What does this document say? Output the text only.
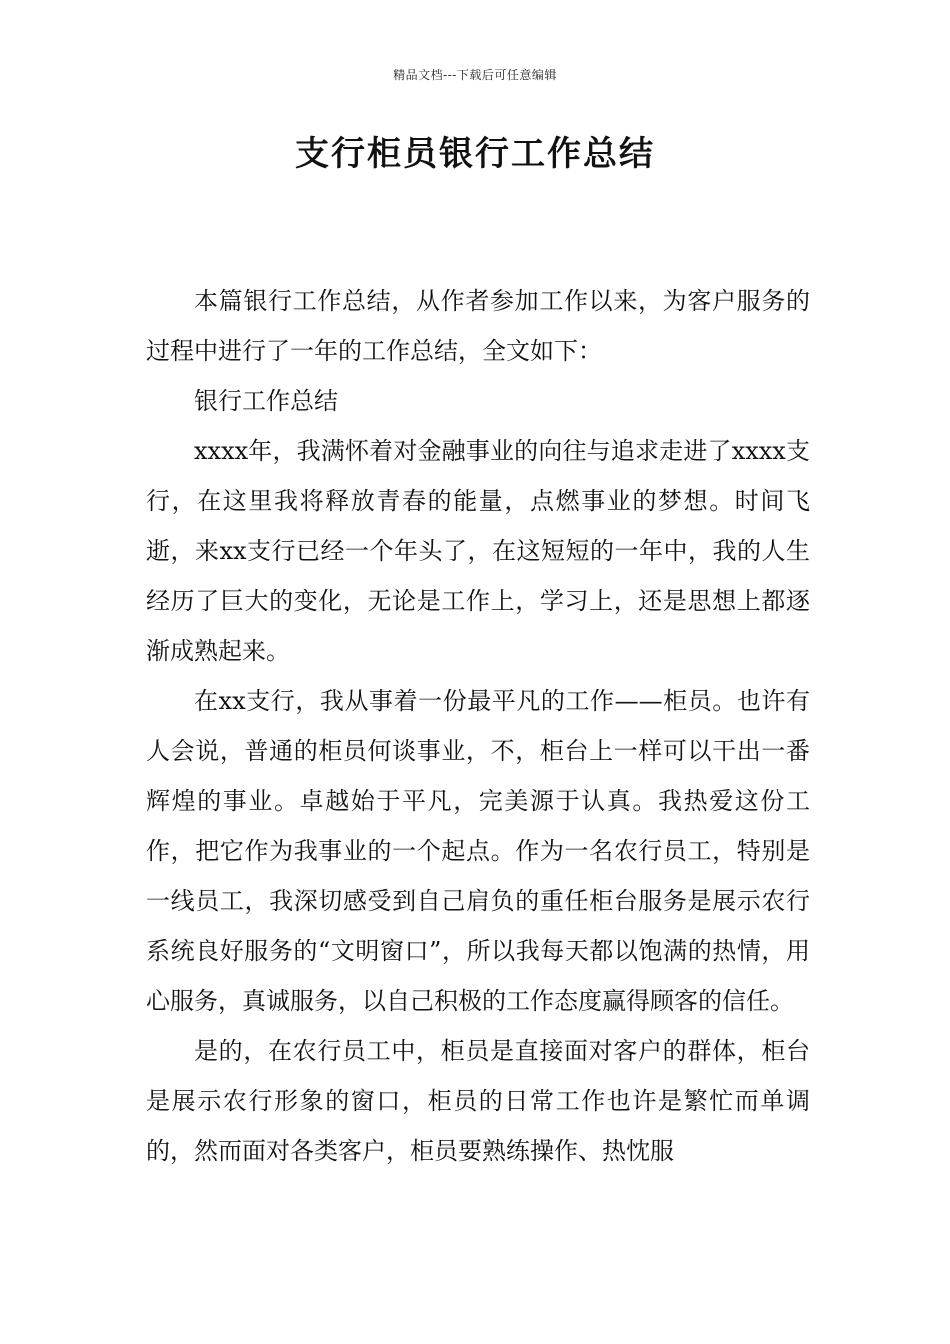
精品文档---下载后可任意编辑
支行柜员银行工作总结

本篇银行工作总结，从作者参加工作以来，为客户服务的过程中进行了一年的工作总结，全文如下：

银行工作总结

xxxx年，我满怀着对金融事业的向往与追求走进了xxxx支行，在这里我将释放青春的能量，点燃事业的梦想。时间飞逝，来xx支行已经一个年头了，在这短短的一年中，我的人生经历了巨大的变化，无论是工作上，学习上，还是思想上都逐渐成熟起来。

在xx支行，我从事着一份最平凡的工作——柜员。也许有人会说，普通的柜员何谈事业，不，柜台上一样可以干出一番辉煌的事业。卓越始于平凡，完美源于认真。我热爱这份工作，把它作为我事业的一个起点。作为一名农行员工，特别是一线员工，我深切感受到自己肩负的重任柜台服务是展示农行系统良好服务的“文明窗口”，所以我每天都以饱满的热情，用心服务，真诚服务，以自己积极的工作态度赢得顾客的信任。

是的，在农行员工中，柜员是直接面对客户的群体，柜台是展示农行形象的窗口，柜员的日常工作也许是繁忙而单调的，然而面对各类客户，柜员要熟练操作、热忱服
